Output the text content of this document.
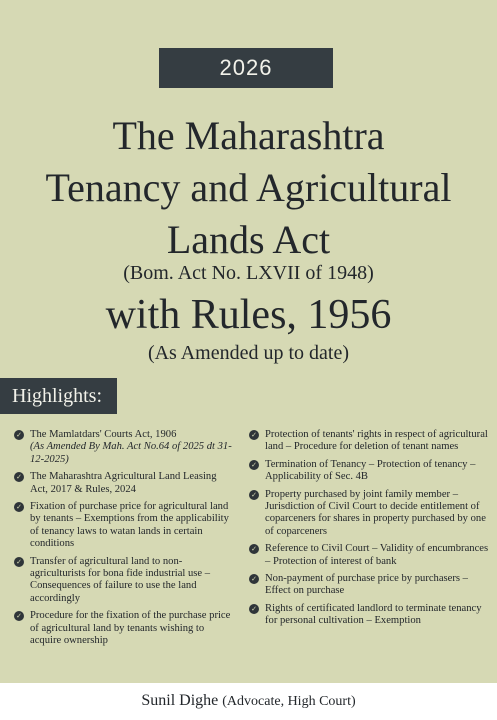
2026
The Maharashtra
Tenancy and Agricultural
Lands Act
(Bom. Act No. LXVII of 1948)
with Rules, 1956
(As Amended up to date)
Highlights:
✓ The Mamlatdars' Courts Act, 1906
(As Amended By Mah. Act No.64 of 2025 dt 31-12-2025)
✓ The Maharashtra Agricultural Land Leasing Act, 2017 & Rules, 2024
✓ Fixation of purchase price for agricultural land by tenants – Exemptions from the applicability of tenancy laws to watan lands in certain conditions
✓ Transfer of agricultural land to non-agriculturists for bona fide industrial use – Consequences of failure to use the land accordingly
✓ Procedure for the fixation of the purchase price of agricultural land by tenants wishing to acquire ownership
✓ Protection of tenants' rights in respect of agricultural land – Procedure for deletion of tenant names
✓ Termination of Tenancy – Protection of tenancy – Applicability of Sec. 4B
✓ Property purchased by joint family member – Jurisdiction of Civil Court to decide entitlement of coparceners for shares in property purchased by one of coparceners
✓ Reference to Civil Court – Validity of encumbrances – Protection of interest of bank
✓ Non-payment of purchase price by purchasers – Effect on purchase
✓ Rights of certificated landlord to terminate tenancy for personal cultivation – Exemption
Sunil Dighe (Advocate, High Court)
